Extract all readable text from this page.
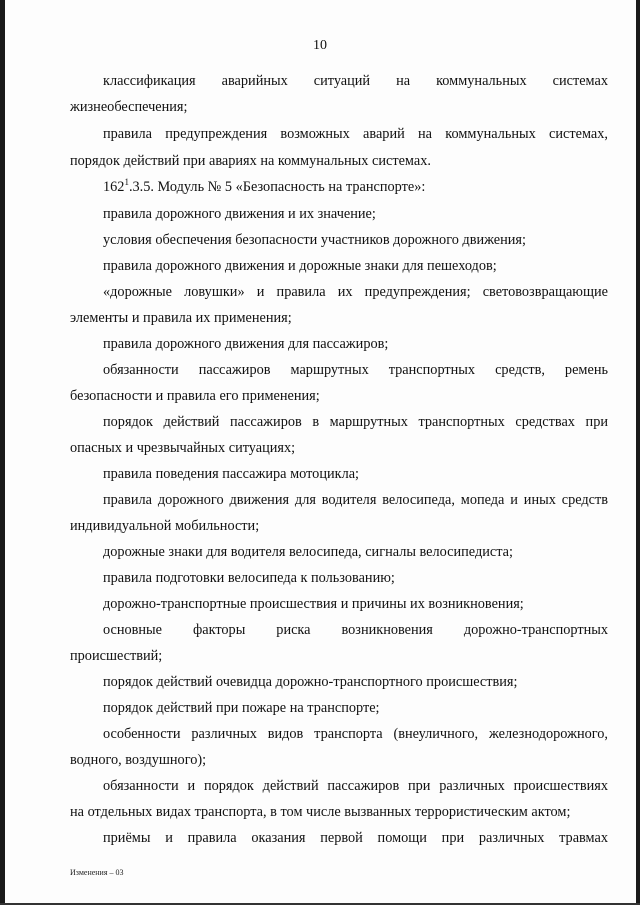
10
классификация аварийных ситуаций на коммунальных системах
жизнеобеспечения;
правила предупреждения возможных аварий на коммунальных системах,
порядок действий при авариях на коммунальных системах.
$162^1.3.5$. Модуль № 5 «Безопасность на транспорте»:
правила дорожного движения и их значение;
условия обеспечения безопасности участников дорожного движения;
правила дорожного движения и дорожные знаки для пешеходов;
«дорожные ловушки» и правила их предупреждения; световозвращающие
элементы и правила их применения;
правила дорожного движения для пассажиров;
обязанности пассажиров маршрутных транспортных средств, ремень
безопасности и правила его применения;
порядок действий пассажиров в маршрутных транспортных средствах при
опасных и чрезвычайных ситуациях;
правила поведения пассажира мотоцикла;
правила дорожного движения для водителя велосипеда, мопеда и иных средств
индивидуальной мобильности;
дорожные знаки для водителя велосипеда, сигналы велосипедиста;
правила подготовки велосипеда к пользованию;
дорожно-транспортные происшествия и причины их возникновения;
основные факторы риска возникновения дорожно-транспортных
происшествий;
порядок действий очевидца дорожно-транспортного происшествия;
порядок действий при пожаре на транспорте;
особенности различных видов транспорта (внеуличного, железнодорожного,
водного, воздушного);
обязанности и порядок действий пассажиров при различных происшествиях
на отдельных видах транспорта, в том числе вызванных террористическим актом;
приёмы и правила оказания первой помощи при различных травмах
Изменения – 03
